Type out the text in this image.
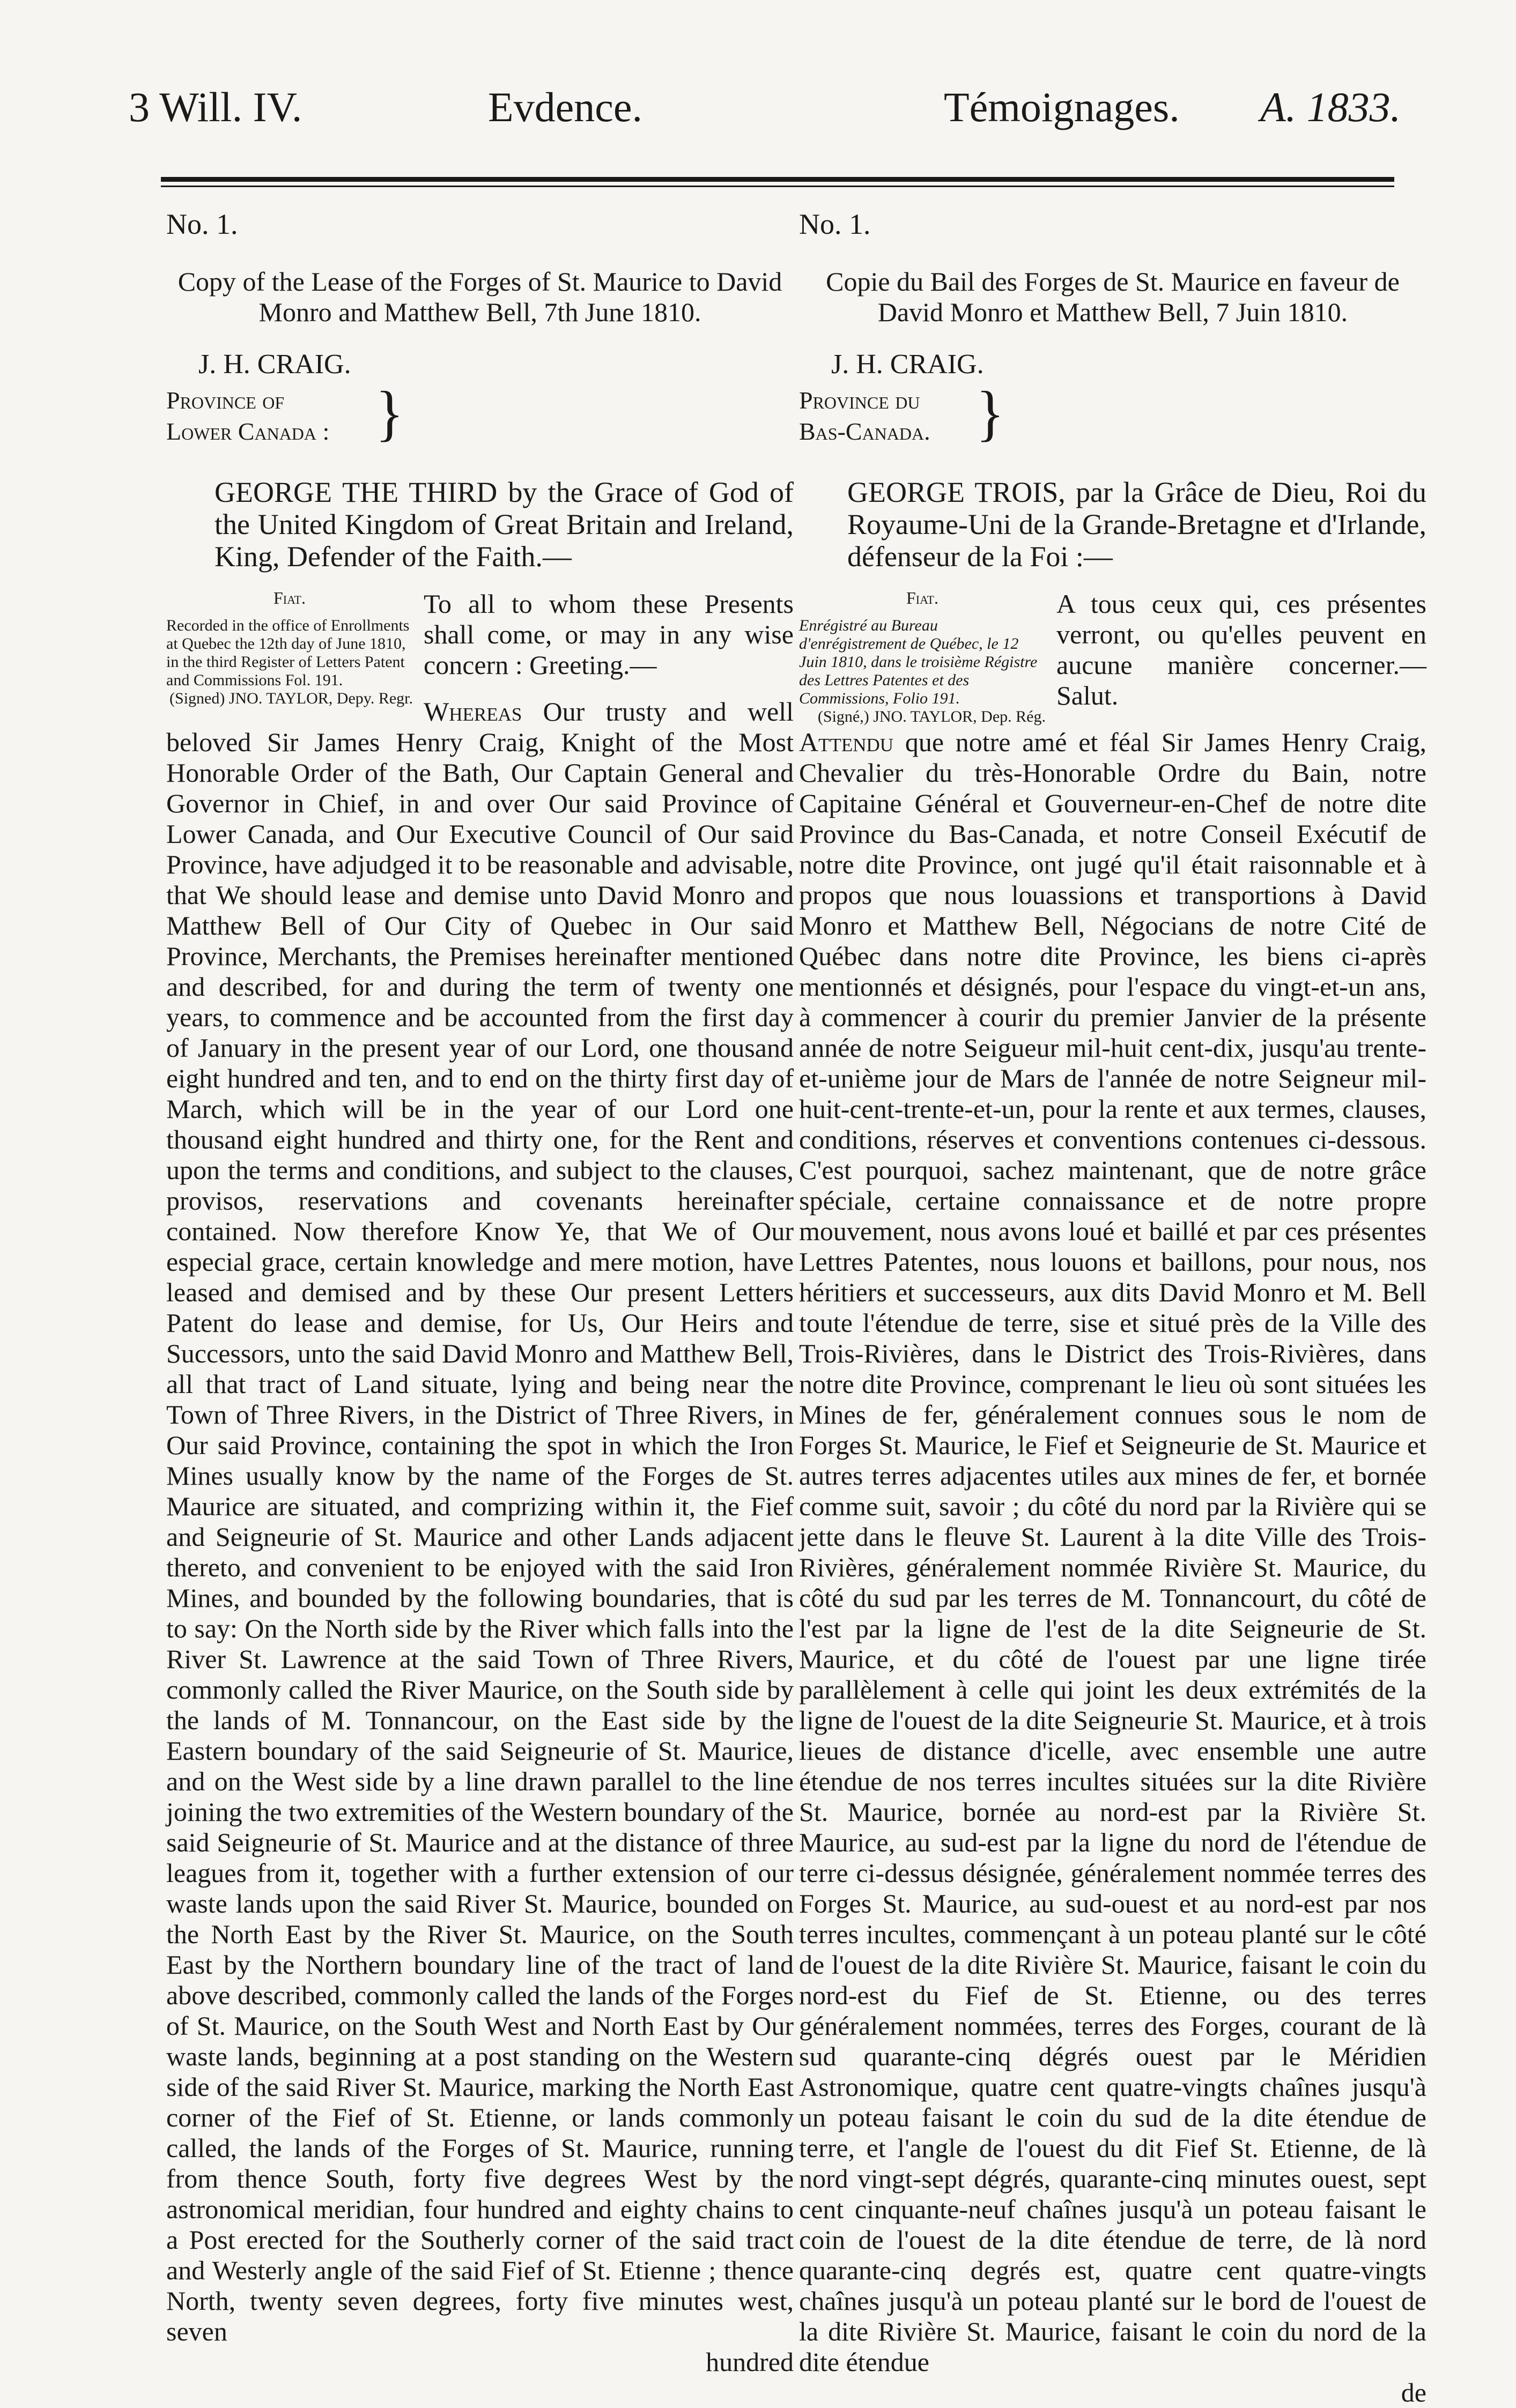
3 Will. IV.	Evdence.	Témoignages. A. 1833.

No. 1.

Copy of the Lease of the Forges of St. Maurice to David Monro and Matthew Bell, 7th June 1810.

J. H. CRAIG.

Province of
Lower Canada : }

GEORGE THE THIRD by the Grace of God of the United Kingdom of Great Britain and Ireland, King, Defender of the Faith.—

Fiat.
Recorded in the office of Enrollments at Quebec the 12th day of June 1810, in the third Register of Letters Patent and Commissions Fol. 191.
(Signed) JNO. TAYLOR, Depy. Regr.

To all to whom these Presents shall come, or may in any wise concern : Greeting.—

Whereas Our trusty and well beloved Sir James Henry Craig, Knight of the Most Honorable Order of the Bath, Our Captain General and Governor in Chief, in and over Our said Province of Lower Canada, and Our Executive Council of Our said Province, have adjudged it to be reasonable and advisable, that We should lease and demise unto David Monro and Matthew Bell of Our City of Quebec in Our said Province, Merchants, the Premises hereinafter mentioned and described, for and during the term of twenty one years, to commence and be accounted from the first day of January in the present year of our Lord, one thousand eight hundred and ten, and to end on the thirty first day of March, which will be in the year of our Lord one thousand eight hundred and thirty one, for the Rent and upon the terms and conditions, and subject to the clauses, provisos, reservations and covenants hereinafter contained. Now therefore Know Ye, that We of Our especial grace, certain knowledge and mere motion, have leased and demised and by these Our present Letters Patent do lease and demise, for Us, Our Heirs and Successors, unto the said David Monro and Matthew Bell, all that tract of Land situate, lying and being near the Town of Three Rivers, in the District of Three Rivers, in Our said Province, containing the spot in which the Iron Mines usually know by the name of the Forges de St. Maurice are situated, and comprizing within it, the Fief and Seigneurie of St. Maurice and other Lands adjacent thereto, and convenient to be enjoyed with the said Iron Mines, and bounded by the following boundaries, that is to say: On the North side by the River which falls into the River St. Lawrence at the said Town of Three Rivers, commonly called the River Maurice, on the South side by the lands of M. Tonnancour, on the East side by the Eastern boundary of the said Seigneurie of St. Maurice, and on the West side by a line drawn parallel to the line joining the two extremities of the Western boundary of the said Seigneurie of St. Maurice and at the distance of three leagues from it, together with a further extension of our waste lands upon the said River St. Maurice, bounded on the North East by the River St. Maurice, on the South East by the Northern boundary line of the tract of land above described, commonly called the lands of the Forges of St. Maurice, on the South West and North East by Our waste lands, beginning at a post standing on the Western side of the said River St. Maurice, marking the North East corner of the Fief of St. Etienne, or lands commonly called, the lands of the Forges of St. Maurice, running from thence South, forty five degrees West by the astronomical meridian, four hundred and eighty chains to a Post erected for the Southerly corner of the said tract and Westerly angle of the said Fief of St. Etienne ; thence North, twenty seven degrees, forty five minutes west, seven

hundred

No. 1.

Copie du Bail des Forges de St. Maurice en faveur de David Monro et Matthew Bell, 7 Juin 1810.

J. H. CRAIG.

Province du
Bas-Canada. }

GEORGE TROIS, par la Grâce de Dieu, Roi du Royaume-Uni de la Grande-Bretagne et d'Irlande, défenseur de la Foi :—

Fiat.
Enrégistré au Bureau d'enrégistrement de Québec, le 12 Juin 1810, dans le troisième Régistre des Lettres Patentes et des Commissions, Folio 191.
(Signé,) JNO. TAYLOR, Dep. Rég.

A tous ceux qui, ces présentes verront, ou qu'elles peuvent en aucune manière concerner.—Salut.

Attendu que notre amé et féal Sir James Henry Craig, Chevalier du très-Honorable Ordre du Bain, notre Capitaine Général et Gouverneur-en-Chef de notre dite Province du Bas-Canada, et notre Conseil Exécutif de notre dite Province, ont jugé qu'il était raisonnable et à propos que nous louassions et transportions à David Monro et Matthew Bell, Négocians de notre Cité de Québec dans notre dite Province, les biens ci-après mentionnés et désignés, pour l'espace du vingt-et-un ans, à commencer à courir du premier Janvier de la présente année de notre Seigueur mil-huit cent-dix, jusqu'au trente-et-unième jour de Mars de l'année de notre Seigneur mil-huit-cent-trente-et-un, pour la rente et aux termes, clauses, conditions, réserves et conventions contenues ci-dessous. C'est pourquoi, sachez maintenant, que de notre grâce spéciale, certaine connaissance et de notre propre mouvement, nous avons loué et baillé et par ces présentes Lettres Patentes, nous louons et baillons, pour nous, nos héritiers et successeurs, aux dits David Monro et M. Bell toute l'étendue de terre, sise et situé près de la Ville des Trois-Rivières, dans le District des Trois-Rivières, dans notre dite Province, comprenant le lieu où sont situées les Mines de fer, généralement connues sous le nom de Forges St. Maurice, le Fief et Seigneurie de St. Maurice et autres terres adjacentes utiles aux mines de fer, et bornée comme suit, savoir ; du côté du nord par la Rivière qui se jette dans le fleuve St. Laurent à la dite Ville des Trois-Rivières, généralement nommée Rivière St. Maurice, du côté du sud par les terres de M. Tonnancourt, du côté de l'est par la ligne de l'est de la dite Seigneurie de St. Maurice, et du côté de l'ouest par une ligne tirée parallèlement à celle qui joint les deux extrémités de la ligne de l'ouest de la dite Seigneurie St. Maurice, et à trois lieues de distance d'icelle, avec ensemble une autre étendue de nos terres incultes situées sur la dite Rivière St. Maurice, bornée au nord-est par la Rivière St. Maurice, au sud-est par la ligne du nord de l'étendue de terre ci-dessus désignée, généralement nommée terres des Forges St. Maurice, au sud-ouest et au nord-est par nos terres incultes, commençant à un poteau planté sur le côté de l'ouest de la dite Rivière St. Maurice, faisant le coin du nord-est du Fief de St. Etienne, ou des terres généralement nommées, terres des Forges, courant de là sud quarante-cinq dégrés ouest par le Méridien Astronomique, quatre cent quatre-vingts chaînes jusqu'à un poteau faisant le coin du sud de la dite étendue de terre, et l'angle de l'ouest du dit Fief St. Etienne, de là nord vingt-sept dégrés, quarante-cinq minutes ouest, sept cent cinquante-neuf chaînes jusqu'à un poteau faisant le coin de l'ouest de la dite étendue de terre, de là nord quarante-cinq degrés est, quatre cent quatre-vingts chaînes jusqu'à un poteau planté sur le bord de l'ouest de la dite Rivière St. Maurice, faisant le coin du nord de la dite étendue

de
